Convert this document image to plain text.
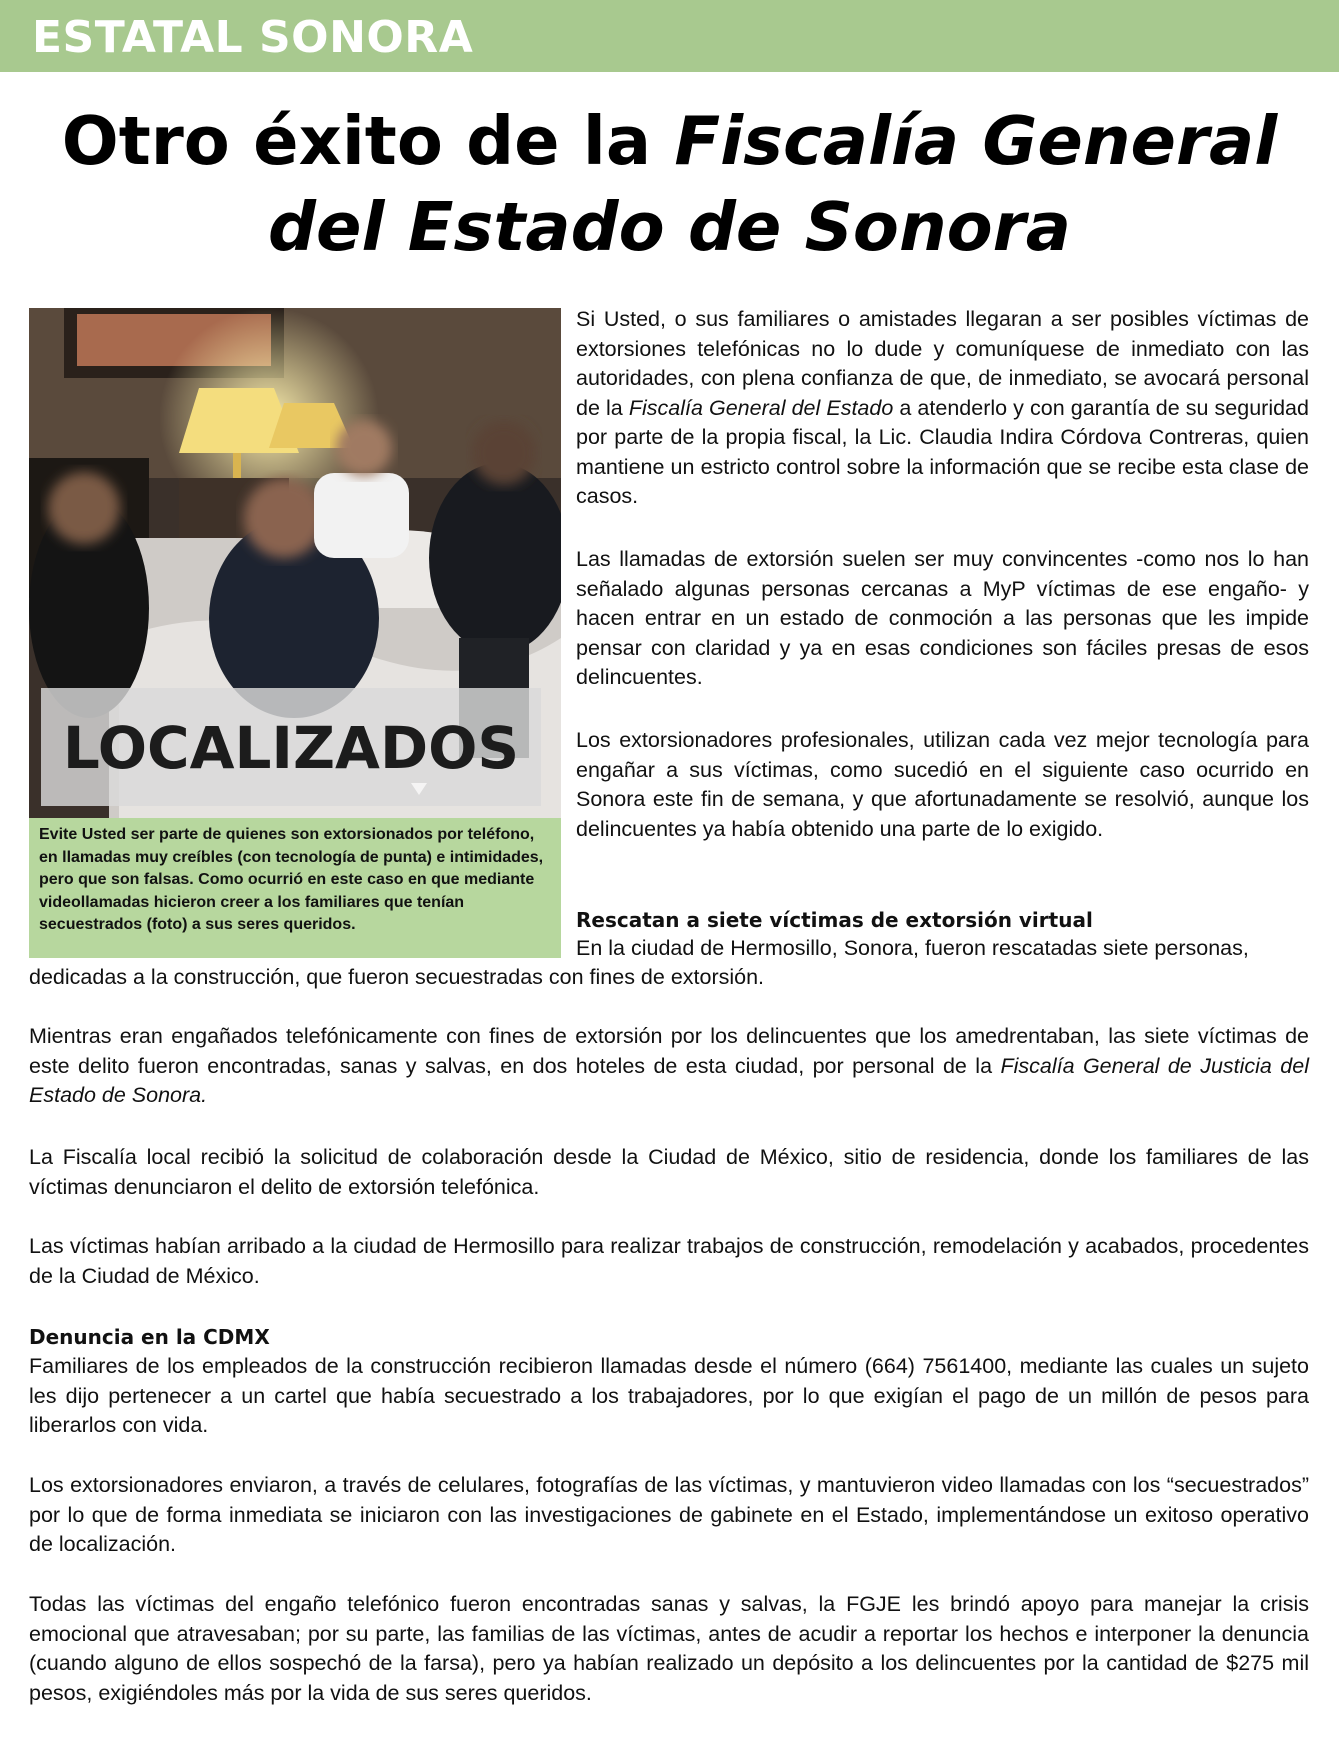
ESTATAL SONORA
Otro éxito de la Fiscalía General
del Estado de Sonora
LOCALIZADOS

Evite Usted ser parte de quienes son extorsionados por teléfono, en llamadas muy creíbles (con tecnología de punta) e intimidades, pero que son falsas. Como ocurrió en este caso en que mediante videollamadas hicieron creer a los familiares que tenían secuestrados (foto) a sus seres queridos.

Si Usted, o sus familiares o amistades llegaran a ser posibles víctimas de extorsiones telefónicas no lo dude y comuníquese de inmediato con las autoridades, con plena confianza de que, de inmediato, se avocará personal de la Fiscalía General del Estado a atenderlo y con garantía de su seguridad por parte de la propia fiscal, la Lic. Claudia Indira Córdova Contreras, quien mantiene un estricto control sobre la información que se recibe esta clase de casos.

Las llamadas de extorsión suelen ser muy convincentes -como nos lo han señalado algunas personas cercanas a MyP víctimas de ese engaño- y hacen entrar en un estado de conmoción a las personas que les impide pensar con claridad y ya en esas condiciones son fáciles presas de esos delincuentes.

Los extorsionadores profesionales, utilizan cada vez mejor tecnología para engañar a sus víctimas, como sucedió en el siguiente caso ocurrido en Sonora este fin de semana, y que afortunadamente se resolvió, aunque los delincuentes ya había obtenido una parte de lo exigido.

Rescatan a siete víctimas de extorsión virtual

En la ciudad de Hermosillo, Sonora, fueron rescatadas siete personas,

dedicadas a la construcción, que fueron secuestradas con fines de extorsión.

Mientras eran engañados telefónicamente con fines de extorsión por los delincuentes que los amedrentaban, las siete víctimas de este delito fueron encontradas, sanas y salvas, en dos hoteles de esta ciudad, por personal de la Fiscalía General de Justicia del Estado de Sonora.

La Fiscalía local recibió la solicitud de colaboración desde la Ciudad de México, sitio de residencia, donde los familiares de las víctimas denunciaron el delito de extorsión telefónica.

Las víctimas habían arribado a la ciudad de Hermosillo para realizar trabajos de construcción, remodelación y acabados, procedentes de la Ciudad de México.

Denuncia en la CDMX

Familiares de los empleados de la construcción recibieron llamadas desde el número (664) 7561400, mediante las cuales un sujeto les dijo pertenecer a un cartel que había secuestrado a los trabajadores, por lo que exigían el pago de un millón de pesos para liberarlos con vida.

Los extorsionadores enviaron, a través de celulares, fotografías de las víctimas, y mantuvieron video llamadas con los “secuestrados” por lo que de forma inmediata se iniciaron con las investigaciones de gabinete en el Estado, implementándose un exitoso operativo de localización.

Todas las víctimas del engaño telefónico fueron encontradas sanas y salvas, la FGJE les brindó apoyo para manejar la crisis emocional que atravesaban; por su parte, las familias de las víctimas, antes de acudir a reportar los hechos e interponer la denuncia (cuando alguno de ellos sospechó de la farsa), pero ya habían realizado un depósito a los delincuentes por la cantidad de $275 mil pesos, exigiéndoles más por la vida de sus seres queridos.
